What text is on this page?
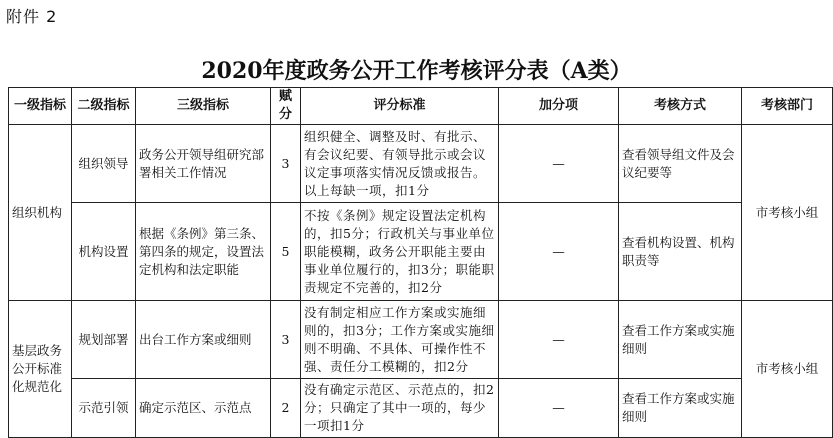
附件 2
2020年度政务公开工作考核评分表（A类）
一级指标	二级指标	三级指标	赋分	评分标准	加分项	考核方式	考核部门
组织机构	组织领导	政务公开领导组研究部署相关工作情况	3	组织健全、调整及时、有批示、有会议纪要、有领导批示或会议议定事项落实情况反馈或报告。以上每缺一项，扣1分	—	查看领导组文件及会议纪要等	市考核小组
	机构设置	根据《条例》第三条、第四条的规定，设置法定机构和法定职能	5	不按《条例》规定设置法定机构的，扣5分；行政机关与事业单位职能模糊，政务公开职能主要由事业单位履行的，扣3分；职能职责规定不完善的，扣2分	—	查看机构设置、机构职责等	
基层政务公开标准化规范化	规划部署	出台工作方案或细则	3	没有制定相应工作方案或实施细则的，扣3分；工作方案或实施细则不明确、不具体、可操作性不强、责任分工模糊的，扣2分	—	查看工作方案或实施细则	市考核小组
	示范引领	确定示范区、示范点	2	没有确定示范区、示范点的，扣2分；只确定了其中一项的，每少一项扣1分	—	查看工作方案或实施细则	
